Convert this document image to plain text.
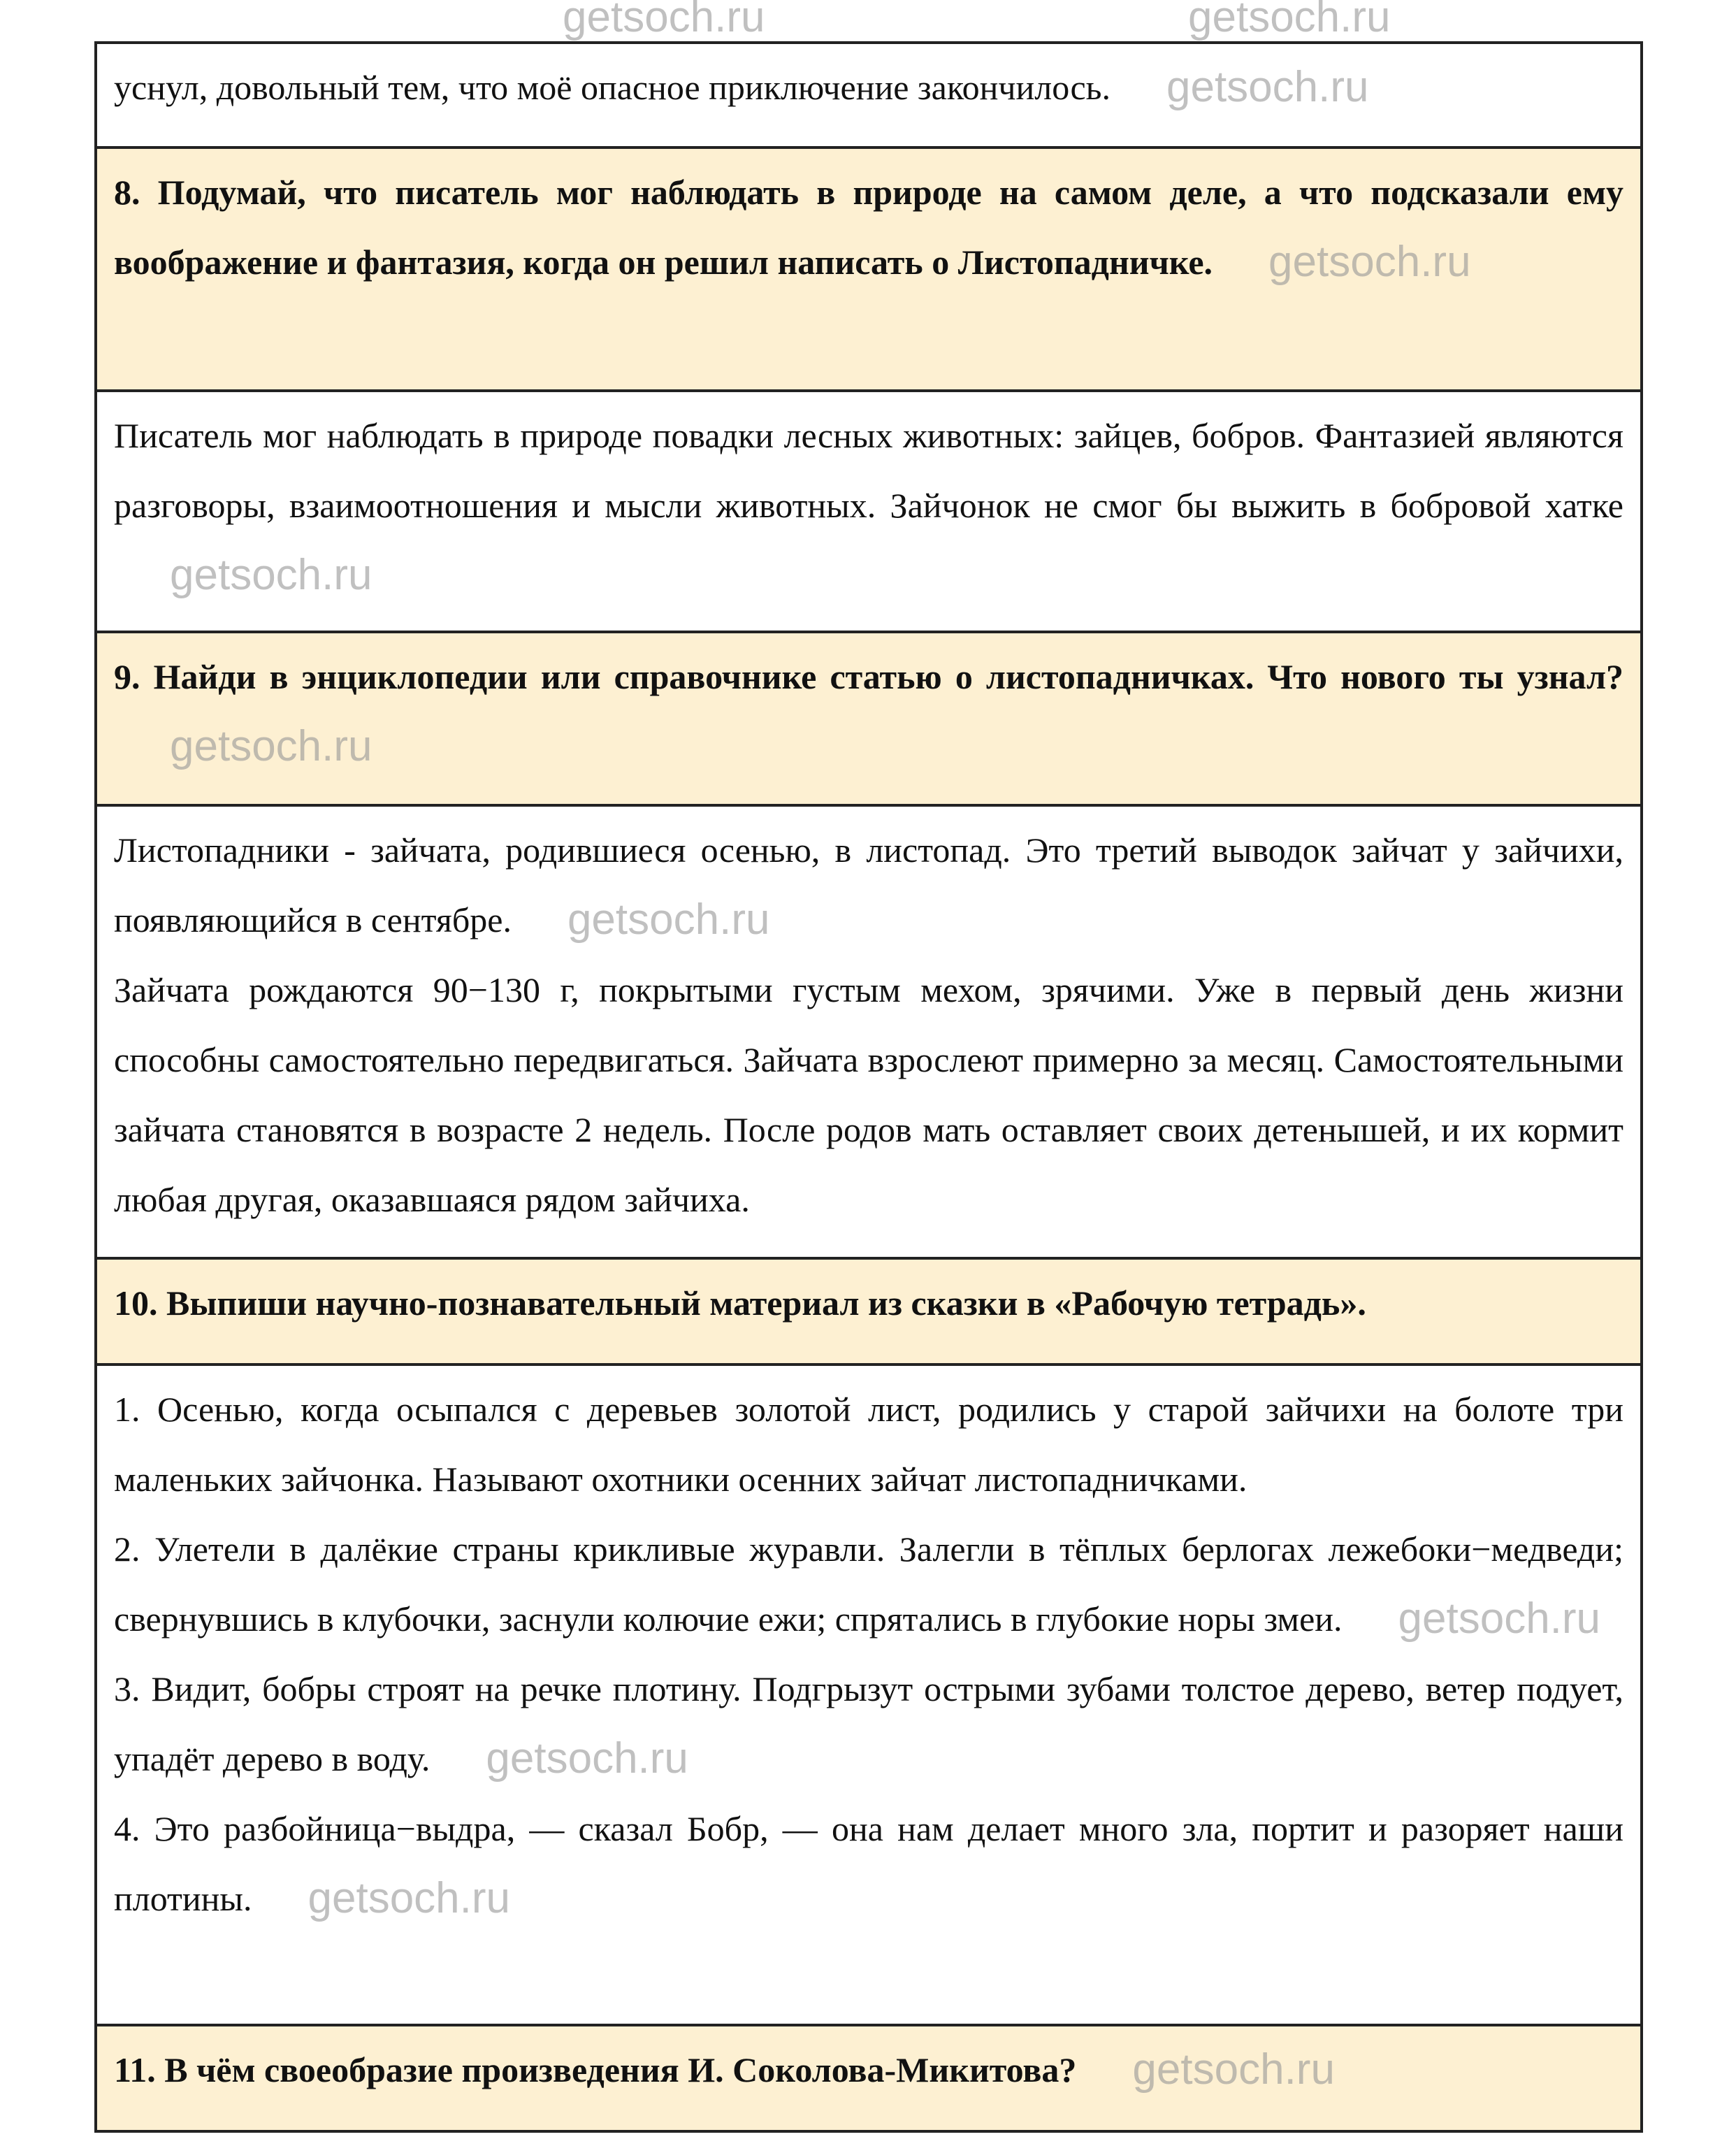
getsoch.ru	getsoch.ru

уснул, довольный тем, что моё опасное приключение закончилось. getsoch.ru

8. Подумай, что писатель мог наблюдать в природе на самом деле, а что подсказали ему воображение и фантазия, когда он решил написать о Листопадничке. getsoch.ru

Писатель мог наблюдать в природе повадки лесных животных: зайцев, бобров. Фантазией являются разговоры, взаимоотношения и мысли животных. Зайчонок не смог бы выжить в бобровой хаткеgetsoch.ru

9. Найди в энциклопедии или справочнике статью о листопадничках. Что нового ты узнал?getsoch.ru

Листопадники - зайчата, родившиеся осенью, в листопад. Это третий выводок зайчат у зайчихи, появляющийся в сентябре. getsoch.ru

Зайчата рождаются 90−130 г, покрытыми густым мехом, зрячими. Уже в первый день жизни способны самостоятельно передвигаться. Зайчата взрослеют примерно за месяц. Самостоятельными зайчата становятся в возрасте 2 недель. После родов мать оставляет своих детенышей, и их кормит любая другая, оказавшаяся рядом зайчиха.

10. Выпиши научно-познавательный материал из сказки в «Рабочую тетрадь».

1. Осенью, когда осыпался с деревьев золотой лист, родились у старой зайчихи на болоте три маленьких зайчонка. Называют охотники осенних зайчат листопадничками.

2. Улетели в далёкие страны крикливые журавли. Залегли в тёплых берлогах лежебоки−медведи; свернувшись в клубочки, заснули колючие ежи; спрятались в глубокие норы змеи. getsoch.ru

3. Видит, бобры строят на речке плотину. Подгрызут острыми зубами толстое дерево, ветер подует, упадёт дерево в воду. getsoch.ru

4. Это разбойница−выдра, — сказал Бобр, — она нам делает много зла, портит и разоряет наши плотины. getsoch.ru

11. В чём своеобразие произведения И. Соколова-Микитова? getsoch.ru
